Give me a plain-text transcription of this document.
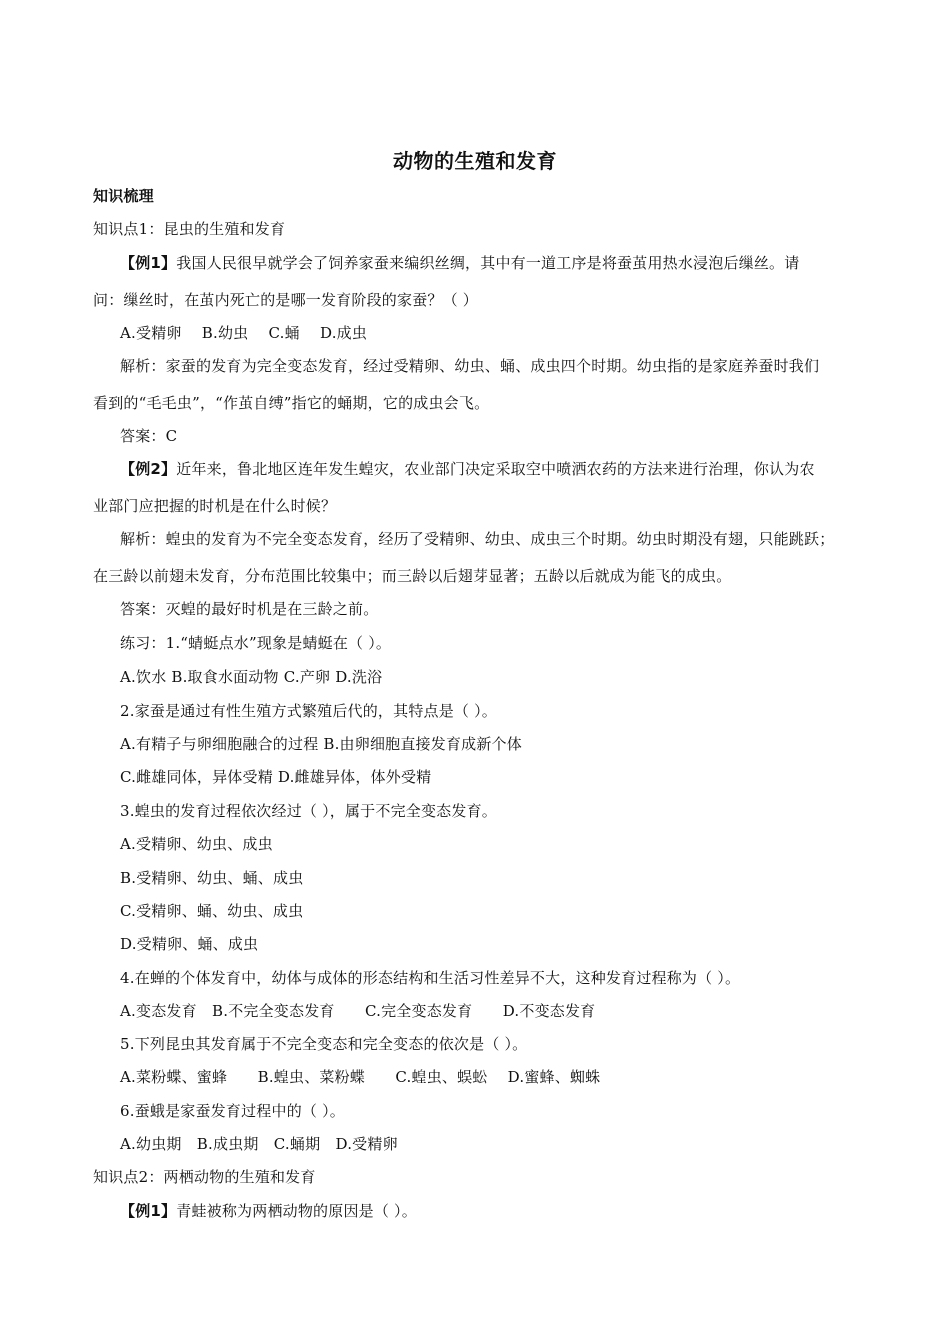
动物的生殖和发育
知识梳理
知识点1：昆虫的生殖和发育
【例1】我国人民很早就学会了饲养家蚕来编织丝绸，其中有一道工序是将蚕茧用热水浸泡后缫丝。请
问：缫丝时，在茧内死亡的是哪一发育阶段的家蚕？（ ）
A.受精卵　 B.幼虫　 C.蛹　 D.成虫
解析：家蚕的发育为完全变态发育，经过受精卵、幼虫、蛹、成虫四个时期。幼虫指的是家庭养蚕时我们
看到的“毛毛虫”，“作茧自缚”指它的蛹期，它的成虫会飞。
答案：C
【例2】近年来，鲁北地区连年发生蝗灾，农业部门决定采取空中喷洒农药的方法来进行治理，你认为农
业部门应把握的时机是在什么时候？
解析：蝗虫的发育为不完全变态发育，经历了受精卵、幼虫、成虫三个时期。幼虫时期没有翅，只能跳跃；
在三龄以前翅未发育，分布范围比较集中；而三龄以后翅芽显著；五龄以后就成为能飞的成虫。
答案：灭蝗的最好时机是在三龄之前。
练习：1.“蜻蜓点水”现象是蜻蜓在（ ）。
A.饮水 B.取食水面动物 C.产卵 D.洗浴
2.家蚕是通过有性生殖方式繁殖后代的，其特点是（ ）。
A.有精子与卵细胞融合的过程 B.由卵细胞直接发育成新个体
C.雌雄同体，异体受精 D.雌雄异体，体外受精
3.蝗虫的发育过程依次经过（ ），属于不完全变态发育。
A.受精卵、幼虫、成虫
B.受精卵、幼虫、蛹、成虫
C.受精卵、蛹、幼虫、成虫
D.受精卵、蛹、成虫
4.在蝉的个体发育中，幼体与成体的形态结构和生活习性差异不大，这种发育过程称为（ ）。
A.变态发育　B.不完全变态发育　　C.完全变态发育　　D.不变态发育
5.下列昆虫其发育属于不完全变态和完全变态的依次是（ ）。
A.菜粉蝶、蜜蜂　　B.蝗虫、菜粉蝶　　C.蝗虫、蜈蚣　 D.蜜蜂、蜘蛛
6.蚕蛾是家蚕发育过程中的（ ）。
A.幼虫期　B.成虫期　C.蛹期　D.受精卵
知识点2：两栖动物的生殖和发育
【例1】青蛙被称为两栖动物的原因是（ ）。
